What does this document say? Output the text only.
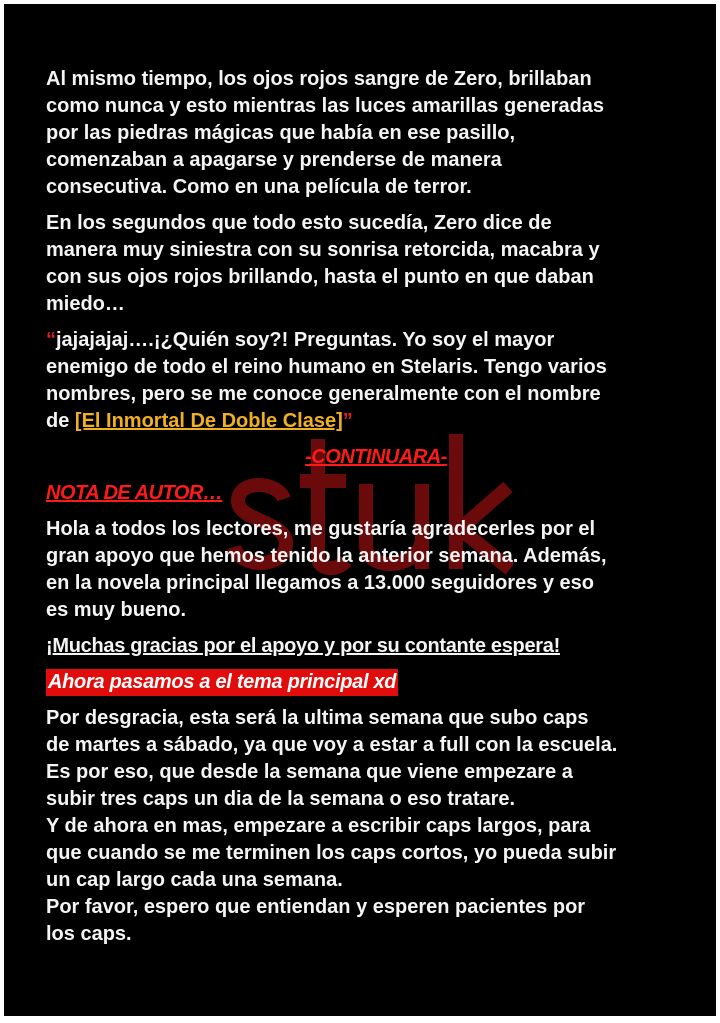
Al mismo tiempo, los ojos rojos sangre de Zero, brillaban
como nunca y esto mientras las luces amarillas generadas
por las piedras mágicas que había en ese pasillo,
comenzaban a apagarse y prenderse de manera
consecutiva. Como en una película de terror.
En los segundos que todo esto sucedía, Zero dice de
manera muy siniestra con su sonrisa retorcida, macabra y
con sus ojos rojos brillando, hasta el punto en que daban
miedo…
“jajajajaj….¡¿Quién soy?! Preguntas. Yo soy el mayor
enemigo de todo el reino humano en Stelaris. Tengo varios
nombres, pero se me conoce generalmente con el nombre
de [El Inmortal De Doble Clase]”
-CONTINUARA-
NOTA DE AUTOR…
Hola a todos los lectores, me gustaría agradecerles por el
gran apoyo que hemos tenido la anterior semana. Además,
en la novela principal llegamos a 13.000 seguidores y eso
es muy bueno.
¡Muchas gracias por el apoyo y por su contante espera!
Ahora pasamos a el tema principal xd
Por desgracia, esta será la ultima semana que subo caps
de martes a sábado, ya que voy a estar a full con la escuela.
Es por eso, que desde la semana que viene empezare a
subir tres caps un dia de la semana o eso tratare.
Y de ahora en mas, empezare a escribir caps largos, para
que cuando se me terminen los caps cortos, yo pueda subir
un cap largo cada una semana.
Por favor, espero que entiendan y esperen pacientes por
los caps.
